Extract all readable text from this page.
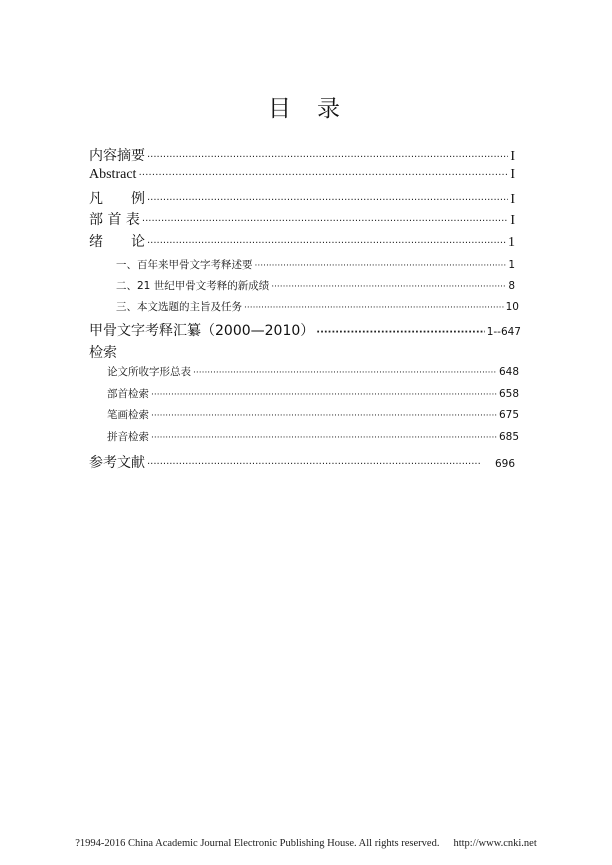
目 录
内容摘要 ·····	I
Abstract ·····	I
凡　　例 ·····	I
部 首 表 ·····	I
绪　　论 ·····	1
一、百年来甲骨文字考释述要 ·····	1
二、21 世纪甲骨文考释的新成绩 ·····	8
三、本文选题的主旨及任务 ·····	10
甲骨文字考释汇纂（2000—2010） ·····	1--647
检索
论文所收字形总表 ·····	648
部首检索 ·····	658
笔画检索 ·····	675
拼音检索 ·····	685
参考文献 ·····	696
?1994-2016 China Academic Journal Electronic Publishing House. All rights reserved. http://www.cnki.net
